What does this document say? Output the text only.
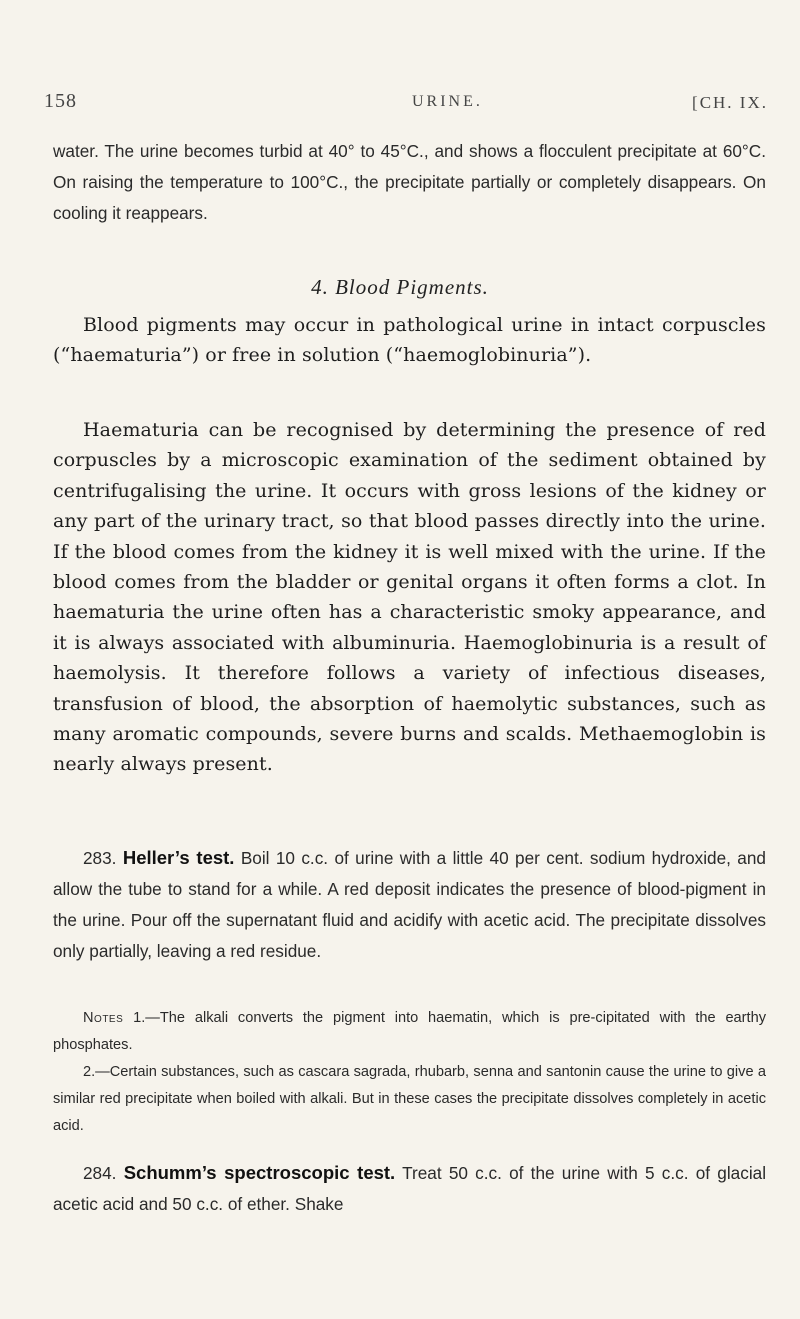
158	URINE.	[CH. IX.

water. The urine becomes turbid at 40° to 45°C., and shows a flocculent precipitate at 60°C. On raising the temperature to 100°C., the precipitate partially or completely disappears. On cooling it reappears.

4. Blood Pigments.

Blood pigments may occur in pathological urine in intact corpuscles (“haematuria”) or free in solution (“haemoglobinuria”).

Haematuria can be recognised by determining the presence of red corpuscles by a microscopic examination of the sediment obtained by centrifugalising the urine. It occurs with gross lesions of the kidney or any part of the urinary tract, so that blood passes directly into the urine. If the blood comes from the kidney it is well mixed with the urine. If the blood comes from the bladder or genital organs it often forms a clot. In haematuria the urine often has a characteristic smoky appearance, and it is always associated with albuminuria. Haemoglobinuria is a result of haemolysis. It therefore follows a variety of infectious diseases, transfusion of blood, the absorption of haemolytic substances, such as many aromatic compounds, severe burns and scalds. Methaemoglobin is nearly always present.

283. Heller’s test. Boil 10 c.c. of urine with a little 40 per cent. sodium hydroxide, and allow the tube to stand for a while. A red deposit indicates the presence of blood-pigment in the urine. Pour off the supernatant fluid and acidify with acetic acid. The precipitate dissolves only partially, leaving a red residue.

Notes 1.—The alkali converts the pigment into haematin, which is pre-cipitated with the earthy phosphates.
2.—Certain substances, such as cascara sagrada, rhubarb, senna and santonin cause the urine to give a similar red precipitate when boiled with alkali. But in these cases the precipitate dissolves completely in acetic acid.

284. Schumm’s spectroscopic test. Treat 50 c.c. of the urine with 5 c.c. of glacial acetic acid and 50 c.c. of ether. Shake
